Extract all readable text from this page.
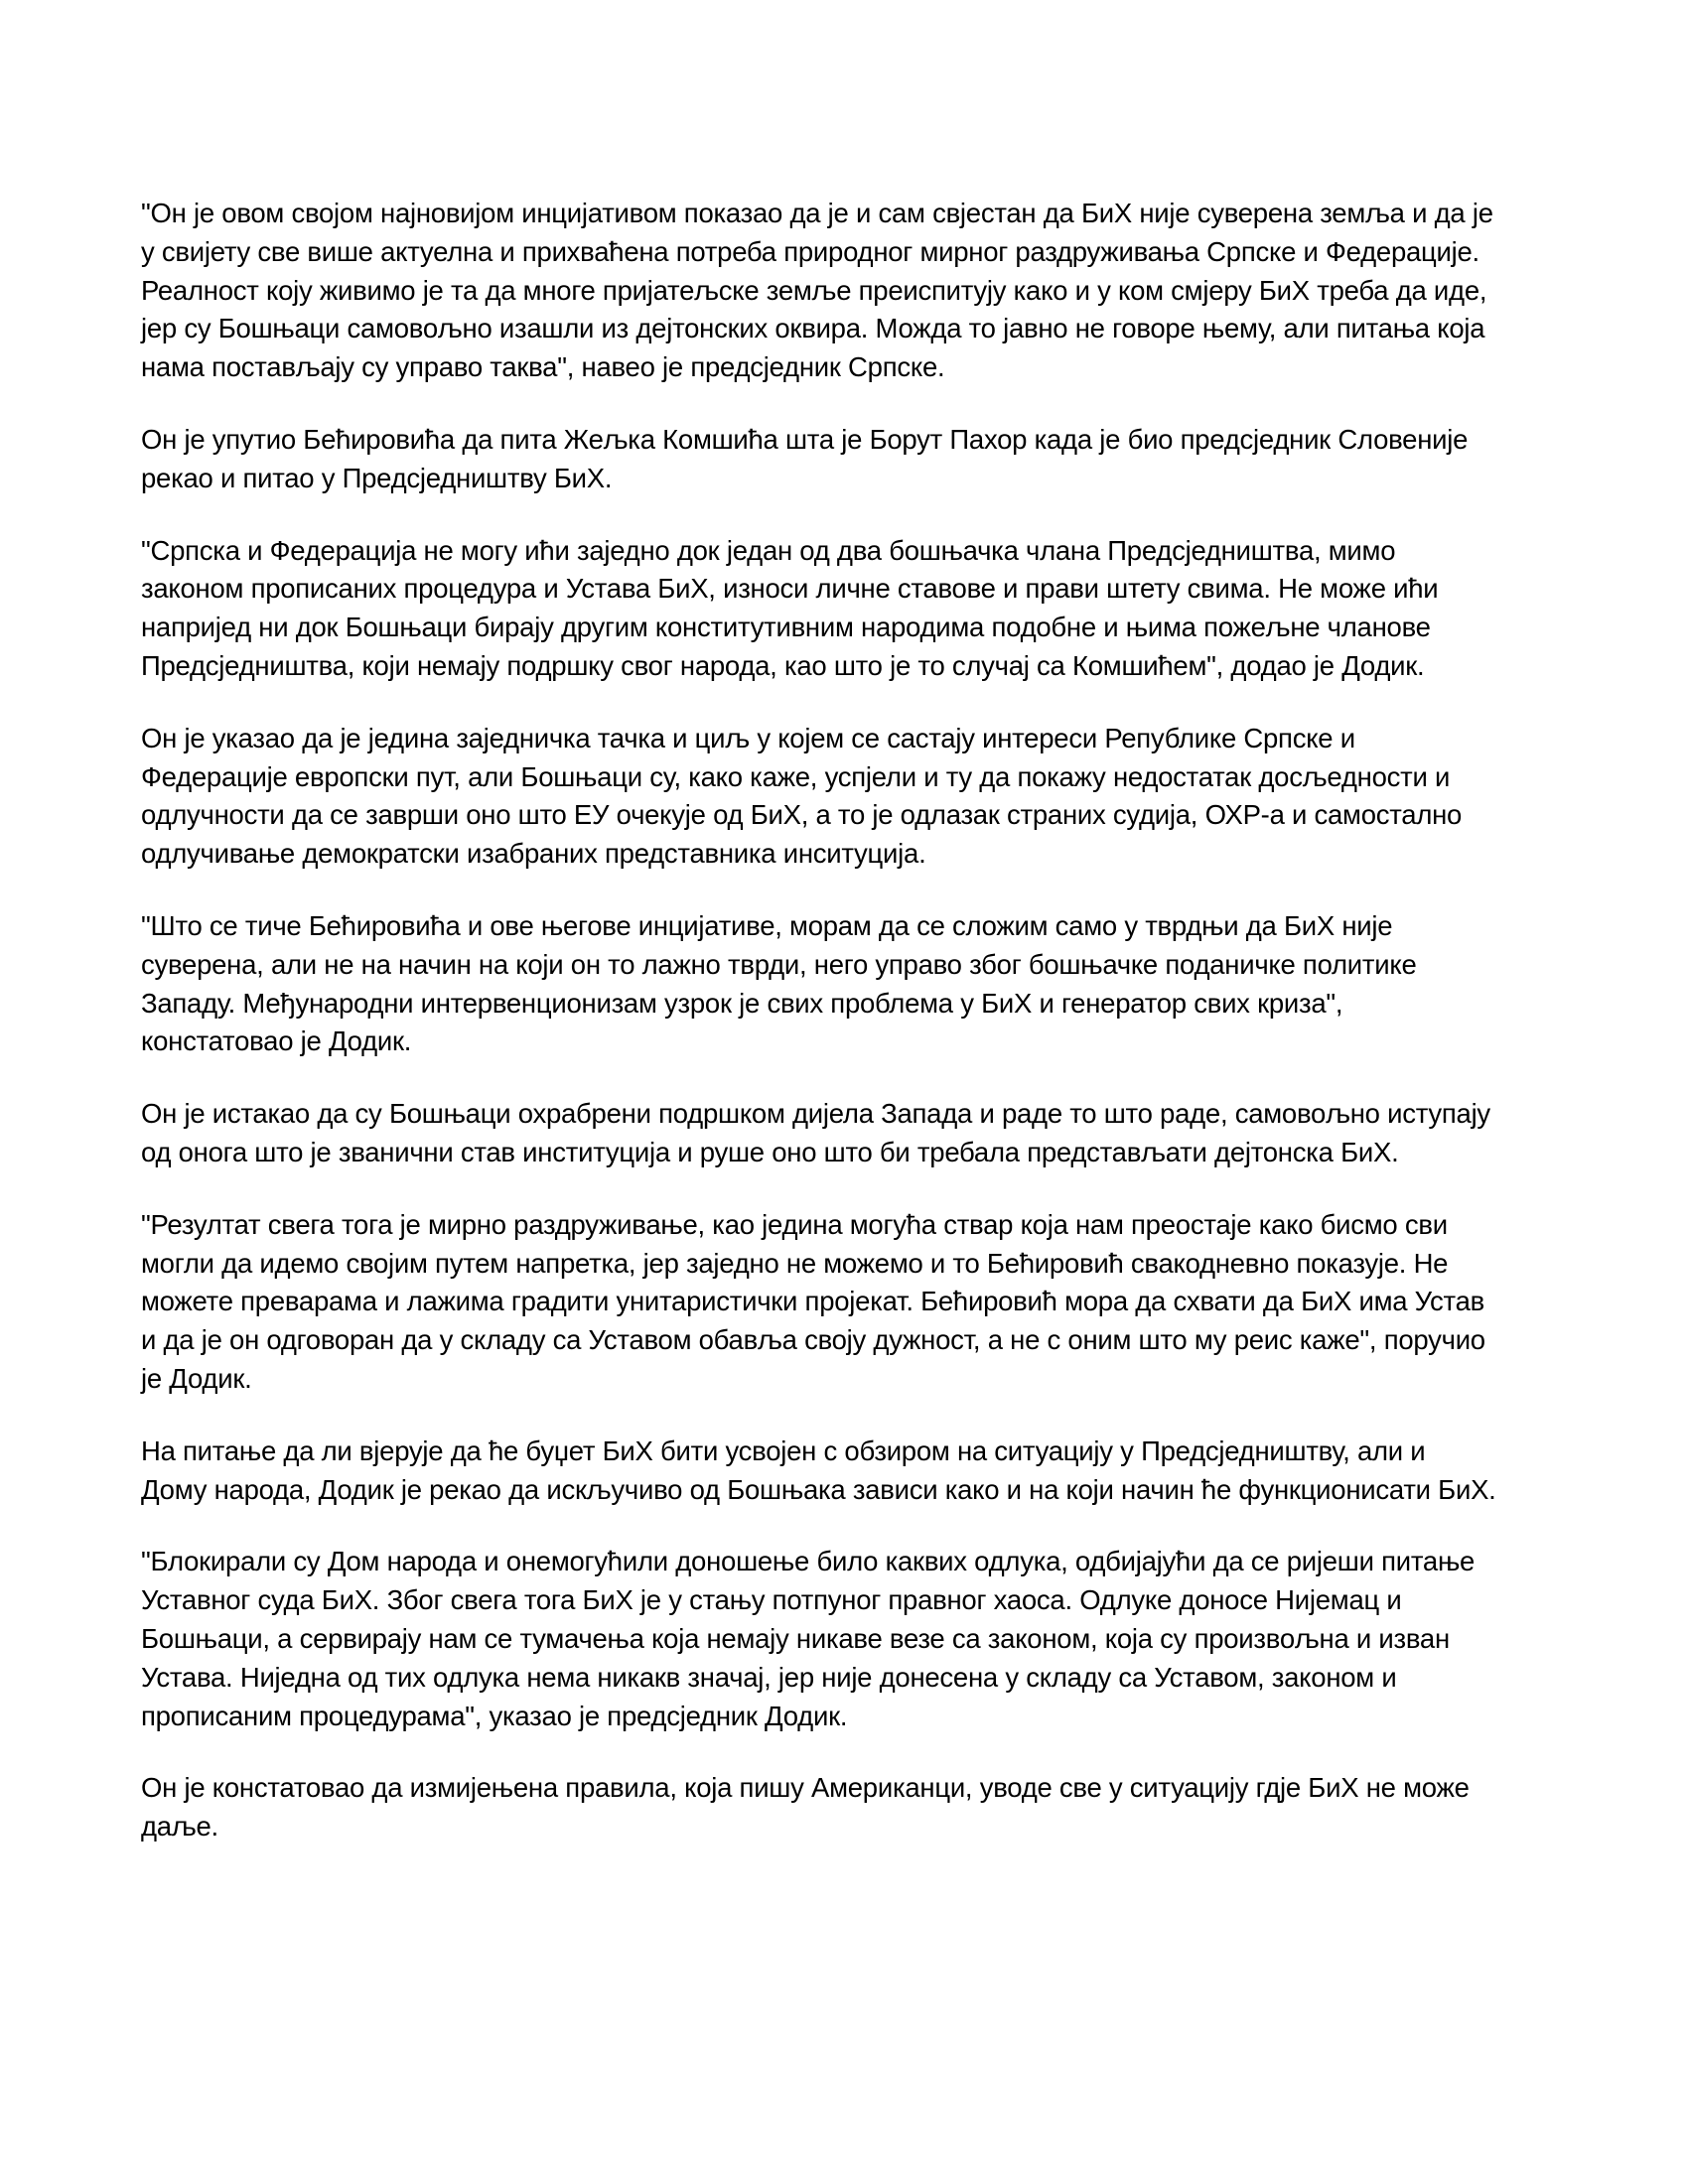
"Он је овом својом најновијом инцијативом показао да је и сам свјестан да БиХ није суверена земља и да је у свијету све више актуелна и прихваћена потреба природног мирног раздруживања Српске и Федерације. Реалност коју живимо је та да многе пријатељске земље преиспитују како и у ком смјеру БиХ треба да иде, јер су Бошњаци самовољно изашли из дејтонских оквира. Можда то јавно не говоре њему, али питања која нама постављају су управо таква", навео је предсједник Српске.

Он је упутио Бећировића да пита Жељка Комшића шта је Борут Пахор када је био предсједник Словеније рекао и питао у Предсједништву БиХ.

"Српска и Федерација не могу ићи заједно док један од два бошњачка члана Предсједништва, мимо законом прописаних процедура и Устава БиХ, износи личне ставове и прави штету свима. Не може ићи напријед ни док Бошњаци бирају другим конститутивним народима подобне и њима пожељне чланове Предсједништва, који немају подршку свог народа, као што је то случај са Комшићем", додао је Додик.

Он је указао да је једина заједничка тачка и циљ у којем се састају интереси Републике Српске и Федерације европски пут, али Бошњаци су, како каже, успјели и ту да покажу недостатак досљедности и одлучности да се заврши оно што ЕУ очекује од БиХ, а то је одлазак страних судија, ОХР-а и самостално одлучивање демократски изабраних представника инситуција.

"Што се тиче Бећировића и ове његове инцијативе, морам да се сложим само у тврдњи да БиХ није суверена, али не на начин на који он то лажно тврди, него управо због бошњачке поданичке политике Западу. Међународни интервенционизам узрок је свих проблема у БиХ и генератор свих криза", констатовао је Додик.

Он је истакао да су Бошњаци охрабрени подршком дијела Запада и раде то што раде, самовољно иступају од онога што је званични став институција и руше оно што би требала представљати дејтонска БиХ.

"Резултат свега тога је мирно раздруживање, као једина могућа ствар која нам преостаје како бисмо сви могли да идемо својим путем напретка, јер заједно не можемо и то Бећировић свакодневно показује. Не можете преварама и лажима градити унитаристички пројекат. Бећировић мора да схвати да БиХ има Устав и да је он одговоран да у складу са Уставом обавља своју дужност, а не с оним што му реис каже", поручио је Додик.

На питање да ли вјерује да ће буџет БиХ бити усвојен с обзиром на ситуацију у Предсједништву, али и Дому народа, Додик је рекао да искључиво од Бошњака зависи како и на који начин ће функционисати БиХ.

"Блокирали су Дом народа и онемогућили доношење било каквих одлука, одбијајући да се ријеши питање Уставног суда БиХ. Због свега тога БиХ је у стању потпуног правног хаоса. Одлуке доносе Нијемац и Бошњаци, а сервирају нам се тумачења која немају никаве везе са законом, која су произвољна и изван Устава. Ниједна од тих одлука нема никакв значај, јер није донесена у складу са Уставом, законом и прописаним процедурама", указао је предсједник Додик.

Он је констатовао да измијењена правила, која пишу Американци, уводе све у ситуацију гдје БиХ не може даље.
